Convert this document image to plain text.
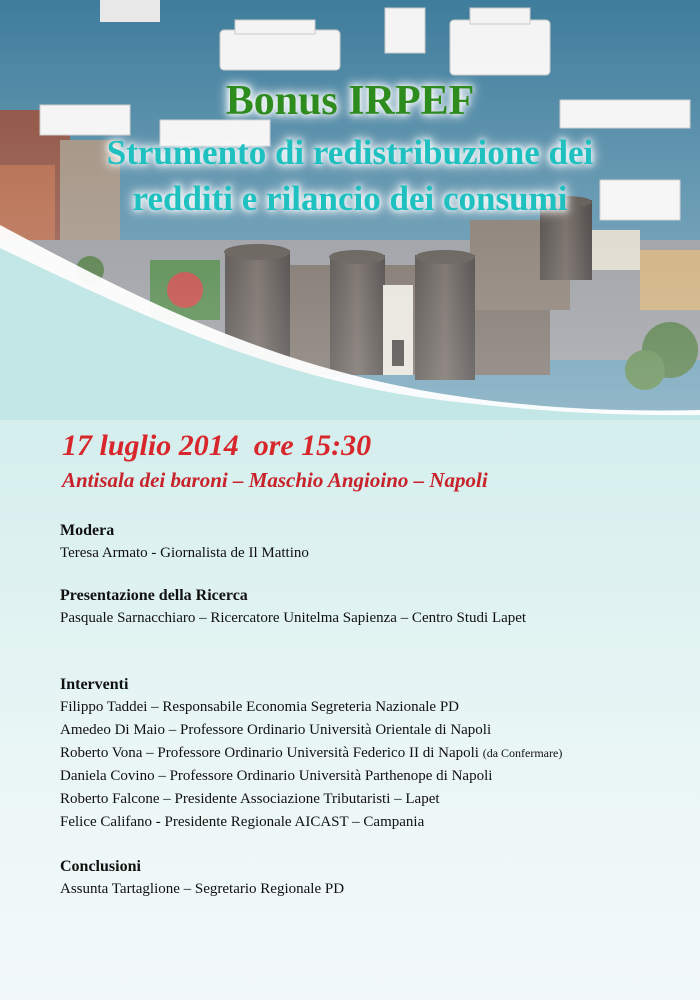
Bonus IRPEF
Strumento di redistribuzione dei
redditi e rilancio dei consumi
17 luglio 2014  ore 15:30
Antisala dei baroni – Maschio Angioino – Napoli
Modera
Teresa Armato - Giornalista de Il Mattino
Presentazione della Ricerca
Pasquale Sarnacchiaro – Ricercatore Unitelma Sapienza – Centro Studi Lapet
Interventi
Filippo Taddei – Responsabile Economia Segreteria Nazionale PD
Amedeo Di Maio – Professore Ordinario Università Orientale di Napoli
Roberto Vona – Professore Ordinario Università Federico II di Napoli (da Confermare)
Daniela Covino – Professore Ordinario Università Parthenope di Napoli
Roberto Falcone – Presidente Associazione Tributaristi – Lapet
Felice Califano - Presidente Regionale AICAST – Campania
Conclusioni
Assunta Tartaglione – Segretario Regionale PD
